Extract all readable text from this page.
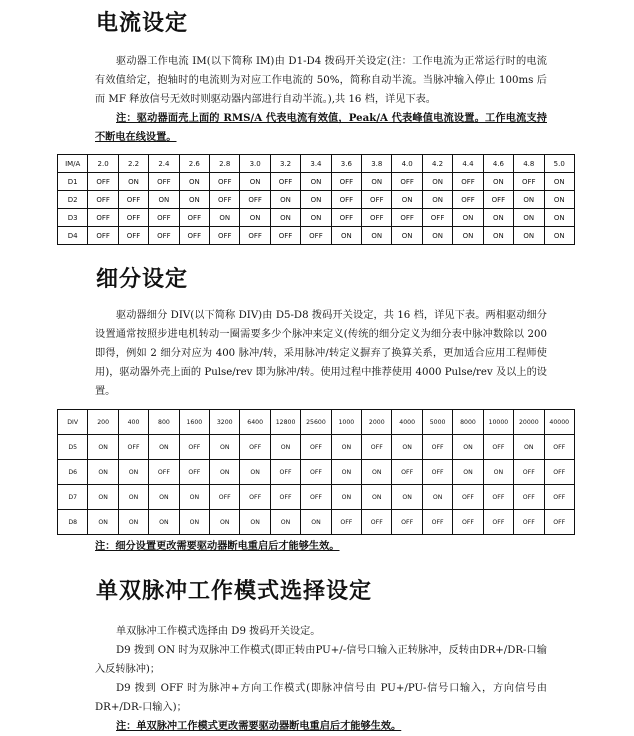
电流设定

驱动器工作电流 IM(以下简称 IM)由 D1-D4 拨码开关设定(注：工作电流为正常运行时的电流有效值给定，抱轴时的电流则为对应工作电流的 50%，简称自动半流。当脉冲输入停止 100ms 后而 MF 释放信号无效时则驱动器内部进行自动半流。),共 16 档，详见下表。

注：驱动器面壳上面的 RMS/A 代表电流有效值，Peak/A 代表峰值电流设置。工作电流支持不断电在线设置。

IM/A	2.0	2.2	2.4	2.6	2.8	3.0	3.2	3.4	3.6	3.8	4.0	4.2	4.4	4.6	4.8	5.0
D1	OFF	ON	OFF	ON	OFF	ON	OFF	ON	OFF	ON	OFF	ON	OFF	ON	OFF	ON
D2	OFF	OFF	ON	ON	OFF	OFF	ON	ON	OFF	OFF	ON	ON	OFF	OFF	ON	ON
D3	OFF	OFF	OFF	OFF	ON	ON	ON	ON	OFF	OFF	OFF	OFF	ON	ON	ON	ON
D4	OFF	OFF	OFF	OFF	OFF	OFF	OFF	OFF	ON	ON	ON	ON	ON	ON	ON	ON
细分设定

驱动器细分 DIV(以下简称 DIV)由 D5-D8 拨码开关设定，共 16 档，详见下表。两相驱动细分设置通常按照步进电机转动一圈需要多少个脉冲来定义(传统的细分定义为细分表中脉冲数除以 200 即得，例如 2 细分对应为 400 脉冲/转，采用脉冲/转定义摒弃了换算关系，更加适合应用工程师使用)，驱动器外壳上面的 Pulse/rev 即为脉冲/转。使用过程中推荐使用 4000 Pulse/rev 及以上的设置。

DIV	200	400	800	1600	3200	6400	12800	25600	1000	2000	4000	5000	8000	10000	20000	40000
D5	ON	OFF	ON	OFF	ON	OFF	ON	OFF	ON	OFF	ON	OFF	ON	OFF	ON	OFF
D6	ON	ON	OFF	OFF	ON	ON	OFF	OFF	ON	ON	OFF	OFF	ON	ON	OFF	OFF
D7	ON	ON	ON	ON	OFF	OFF	OFF	OFF	ON	ON	ON	ON	OFF	OFF	OFF	OFF
D8	ON	ON	ON	ON	ON	ON	ON	ON	OFF	OFF	OFF	OFF	OFF	OFF	OFF	OFF
注：细分设置更改需要驱动器断电重启后才能够生效。
单双脉冲工作模式选择设定

单双脉冲工作模式选择由 D9 拨码开关设定。

D9 拨到 ON 时为双脉冲工作模式(即正转由PU+/-信号口输入正转脉冲，反转由DR+/DR-口输入反转脉冲)；

D9 拨到 OFF 时为脉冲+方向工作模式(即脉冲信号由 PU+/PU-信号口输入，方向信号由DR+/DR-口输入)；

注：单双脉冲工作模式更改需要驱动器断电重启后才能够生效。
